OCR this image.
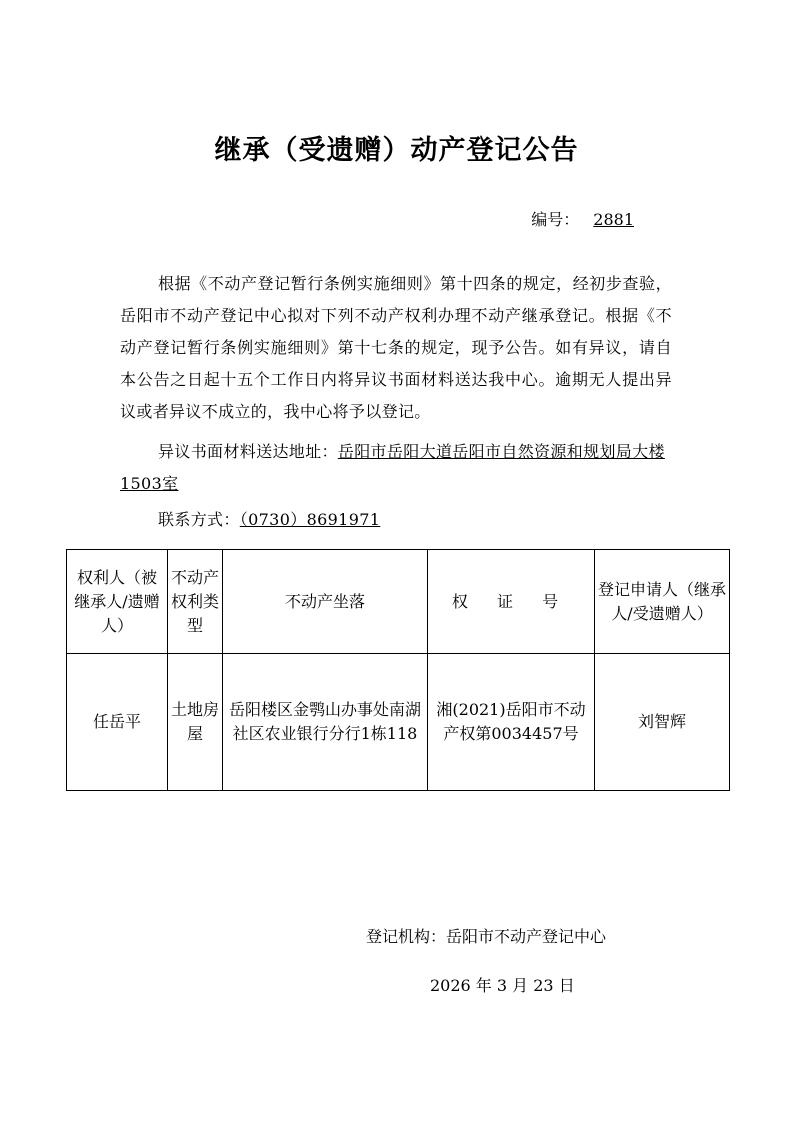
继承（受遗赠）动产登记公告
编号： 2881
根据《不动产登记暂行条例实施细则》第十四条的规定，经初步查验，岳阳市不动产登记中心拟对下列不动产权利办理不动产继承登记。根据《不动产登记暂行条例实施细则》第十七条的规定，现予公告。如有异议，请自本公告之日起十五个工作日内将异议书面材料送达我中心。逾期无人提出异议或者异议不成立的，我中心将予以登记。
异议书面材料送达地址：岳阳市岳阳大道岳阳市自然资源和规划局大楼1503室
联系方式：（0730）8691971
权利人（被继承人/遗赠人）	不动产权利类型	不动产坐落	权 证 号	登记申请人（继承人/受遗赠人）
任岳平	土地房屋	岳阳楼区金鹗山办事处南湖社区农业银行分行1栋118	湘(2021)岳阳市不动产权第0034457号	刘智辉
登记机构：岳阳市不动产登记中心
2026 年 3 月 23 日
